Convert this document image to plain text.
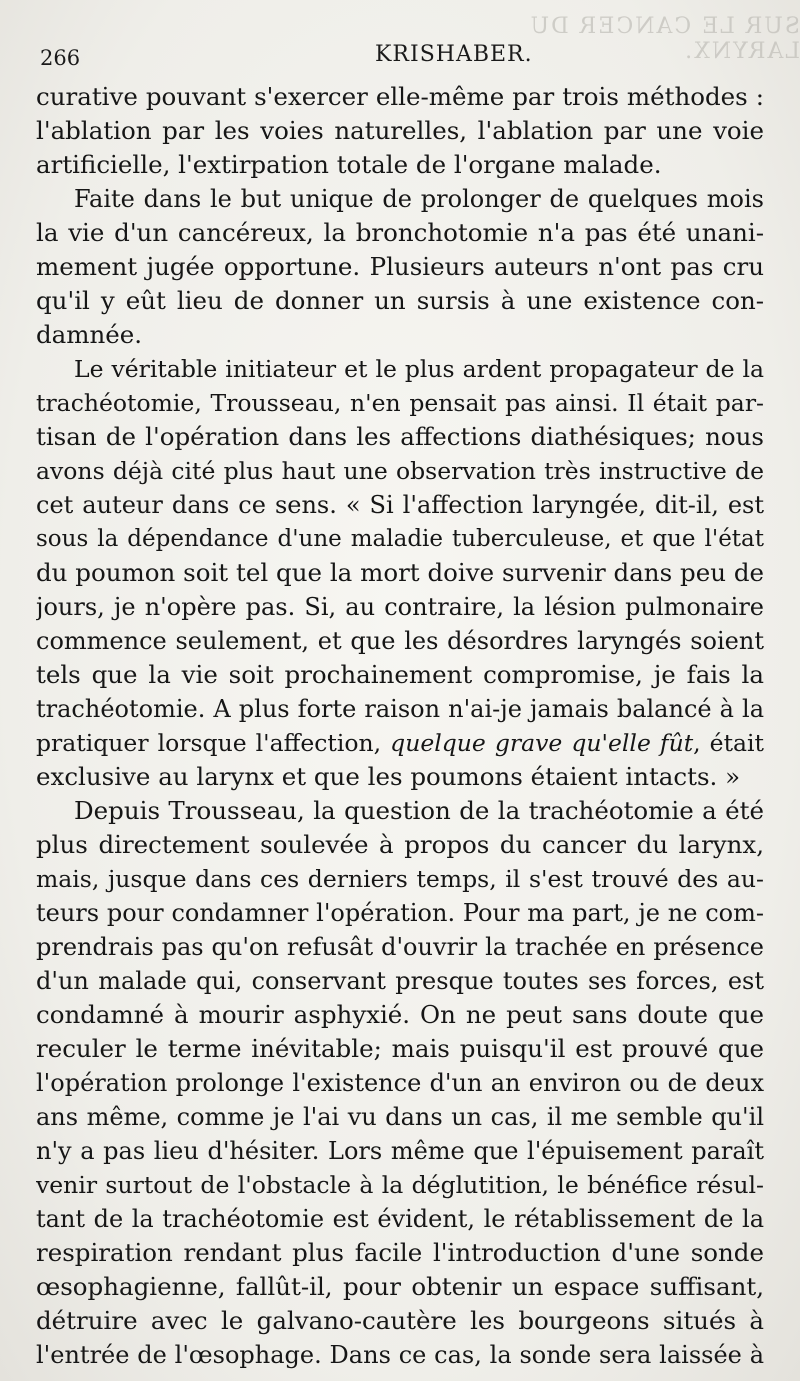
SUR LE CANCER DU LARYNX.
266	KRISHABER.
curative pouvant s'exercer elle-même par trois méthodes :
l'ablation par les voies naturelles, l'ablation par une voie
artificielle, l'extirpation totale de l'organe malade.
Faite dans le but unique de prolonger de quelques mois
la vie d'un cancéreux, la bronchotomie n'a pas été unani-
mement jugée opportune. Plusieurs auteurs n'ont pas cru
qu'il y eût lieu de donner un sursis à une existence con-
damnée.
Le véritable initiateur et le plus ardent propagateur de la
trachéotomie, Trousseau, n'en pensait pas ainsi. Il était par-
tisan de l'opération dans les affections diathésiques; nous
avons déjà cité plus haut une observation très instructive de
cet auteur dans ce sens. « Si l'affection laryngée, dit-il, est
sous la dépendance d'une maladie tuberculeuse, et que l'état
du poumon soit tel que la mort doive survenir dans peu de
jours, je n'opère pas. Si, au contraire, la lésion pulmonaire
commence seulement, et que les désordres laryngés soient
tels que la vie soit prochainement compromise, je fais la
trachéotomie. A plus forte raison n'ai-je jamais balancé à la
pratiquer lorsque l'affection, quelque grave qu'elle fût, était
exclusive au larynx et que les poumons étaient intacts. »
Depuis Trousseau, la question de la trachéotomie a été
plus directement soulevée à propos du cancer du larynx,
mais, jusque dans ces derniers temps, il s'est trouvé des au-
teurs pour condamner l'opération. Pour ma part, je ne com-
prendrais pas qu'on refusât d'ouvrir la trachée en présence
d'un malade qui, conservant presque toutes ses forces, est
condamné à mourir asphyxié. On ne peut sans doute que
reculer le terme inévitable; mais puisqu'il est prouvé que
l'opération prolonge l'existence d'un an environ ou de deux
ans même, comme je l'ai vu dans un cas, il me semble qu'il
n'y a pas lieu d'hésiter. Lors même que l'épuisement paraît
venir surtout de l'obstacle à la déglutition, le bénéfice résul-
tant de la trachéotomie est évident, le rétablissement de la
respiration rendant plus facile l'introduction d'une sonde
œsophagienne, fallût-il, pour obtenir un espace suffisant,
détruire avec le galvano-cautère les bourgeons situés à
l'entrée de l'œsophage. Dans ce cas, la sonde sera laissée à
